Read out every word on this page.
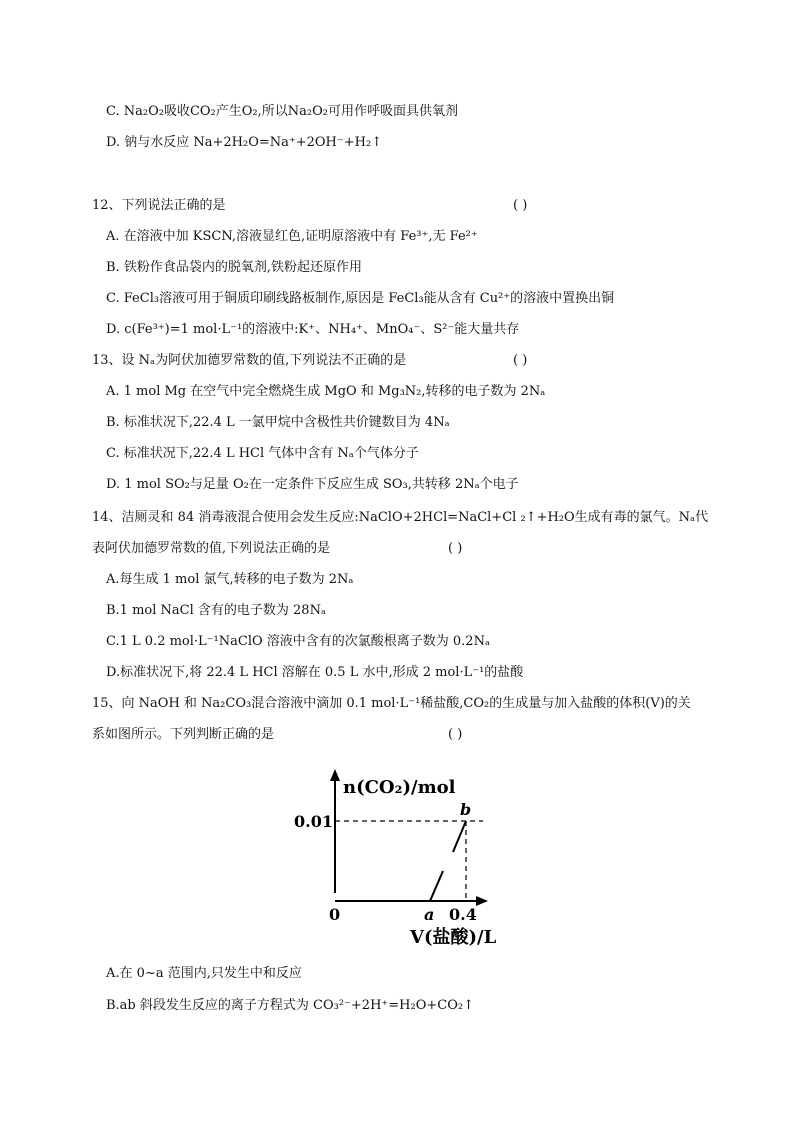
C. Na₂O₂吸收CO₂产生O₂,所以Na₂O₂可用作呼吸面具供氧剂
D. 钠与水反应 Na+2H₂O=Na⁺+2OH⁻+H₂↑
12、下列说法正确的是	( )
A. 在溶液中加 KSCN,溶液显红色,证明原溶液中有 Fe³⁺,无 Fe²⁺
B. 铁粉作食品袋内的脱氧剂,铁粉起还原作用
C. FeCl₃溶液可用于铜质印刷线路板制作,原因是 FeCl₃能从含有 Cu²⁺的溶液中置换出铜
D. c(Fe³⁺)=1 mol·L⁻¹的溶液中:K⁺、NH₄⁺、MnO₄⁻、S²⁻能大量共存
13、设 Nₐ为阿伏加德罗常数的值,下列说法不正确的是	( )
A. 1 mol Mg 在空气中完全燃烧生成 MgO 和 Mg₃N₂,转移的电子数为 2Nₐ
B. 标准状况下,22.4 L 一氯甲烷中含极性共价键数目为 4Nₐ
C. 标准状况下,22.4 L HCl 气体中含有 Nₐ个气体分子
D. 1 mol SO₂与足量 O₂在一定条件下反应生成 SO₃,共转移 2Nₐ个电子
14、洁厕灵和 84 消毒液混合使用会发生反应:NaClO+2HCl=NaCl+Cl ₂↑+H₂O生成有毒的氯气。Nₐ代
表阿伏加德罗常数的值,下列说法正确的是	( )
A.每生成 1 mol 氯气,转移的电子数为 2Nₐ
B.1 mol NaCl 含有的电子数为 28Nₐ
C.1 L 0.2 mol·L⁻¹NaClO 溶液中含有的次氯酸根离子数为 0.2Nₐ
D.标准状况下,将 22.4 L HCl 溶解在 0.5 L 水中,形成 2 mol·L⁻¹的盐酸
15、向 NaOH 和 Na₂CO₃混合溶液中滴加 0.1 mol·L⁻¹稀盐酸,CO₂的生成量与加入盐酸的体积(V)的关
系如图所示。下列判断正确的是	( )
n(CO₂)/mol
0.01
0	a 0.4
b
V(盐酸)/L
A.在 0~a 范围内,只发生中和反应
B.ab 斜段发生反应的离子方程式为 CO₃²⁻+2H⁺=H₂O+CO₂↑
